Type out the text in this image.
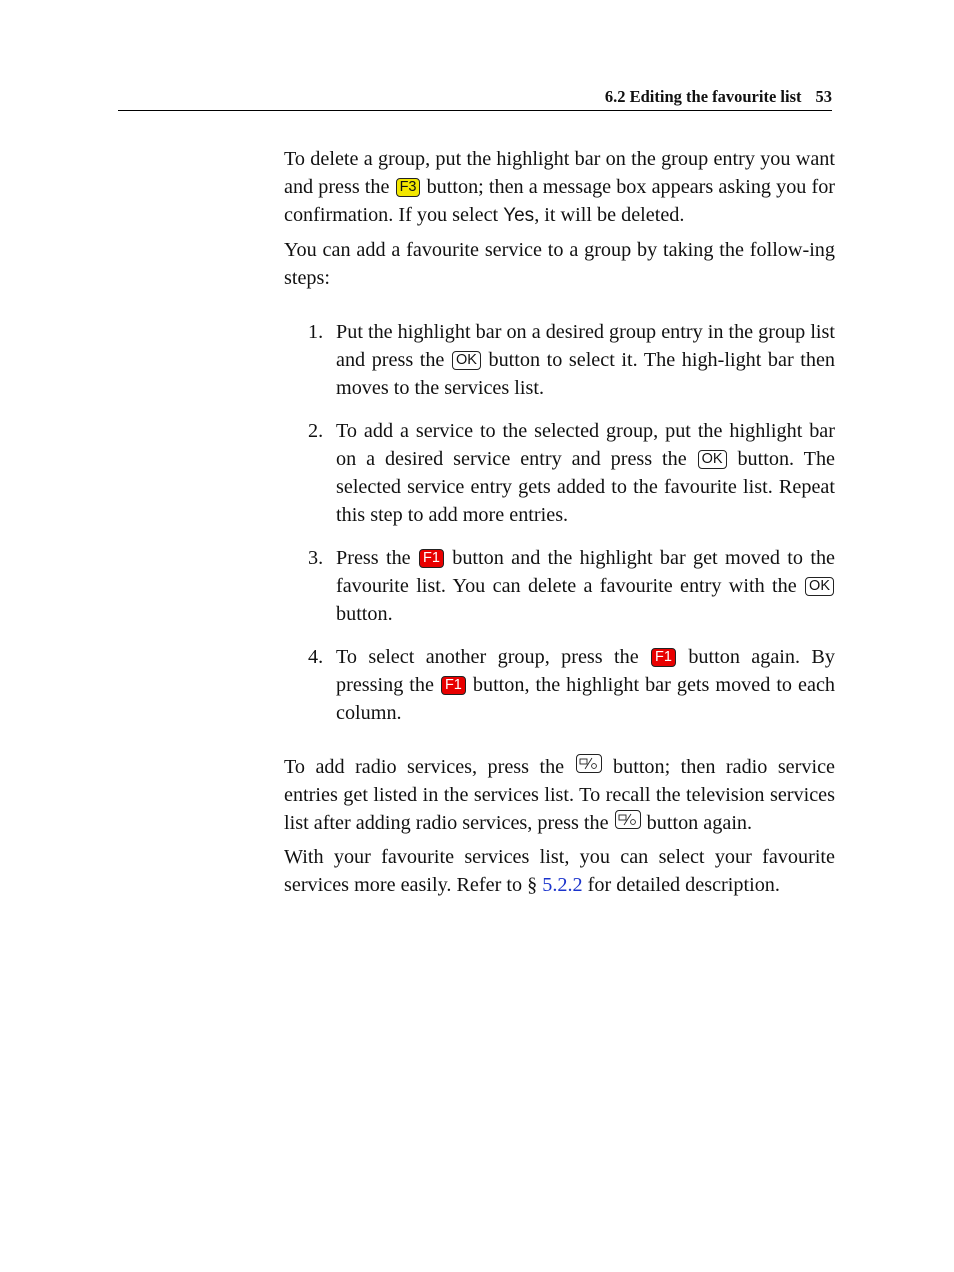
6.2 Editing the favourite list 53

To delete a group, put the highlight bar on the group entry you want and press the F3 button; then a message box appears asking you for confirmation. If you select Yes, it will be deleted.

You can add a favourite service to a group by taking the follow-ing steps:

1. Put the highlight bar on a desired group entry in the group list and press the OK button to select it. The high-light bar then moves to the services list.
2. To add a service to the selected group, put the highlight bar on a desired service entry and press the OK button. The selected service entry gets added to the favourite list. Repeat this step to add more entries.
3. Press the F1 button and the highlight bar get moved to the favourite list. You can delete a favourite entry with the OK button.
4. To select another group, press the F1 button again. By pressing the F1 button, the highlight bar gets moved to each column.

To add radio services, press the button; then radio service entries get listed in the services list. To recall the television services list after adding radio services, press the button again.

With your favourite services list, you can select your favourite services more easily. Refer to § 5.2.2 for detailed description.
